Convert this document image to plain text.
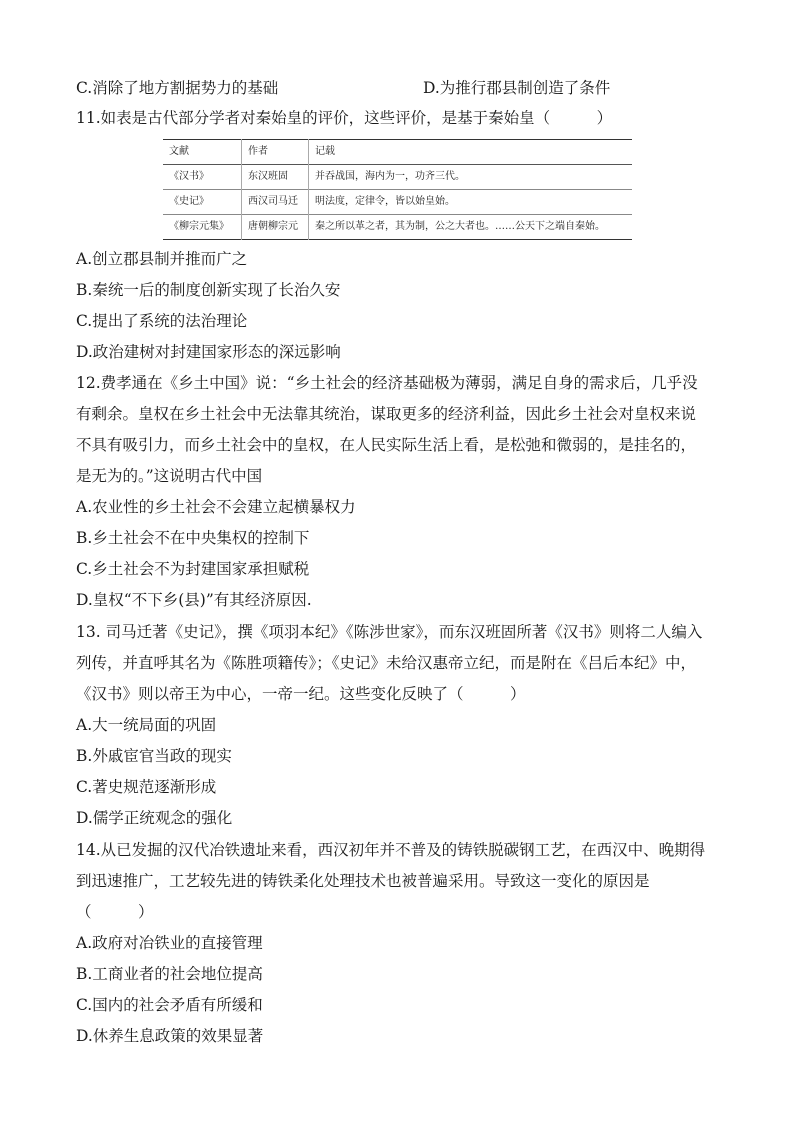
C.消除了地方割据势力的基础	D.为推行郡县制创造了条件
11.如表是古代部分学者对秦始皇的评价，这些评价，是基于秦始皇（　　　）
文献	作者	记载
《汉书》	东汉班固	并吞战国，海内为一，功齐三代。
《史记》	西汉司马迁	明法度，定律令，皆以始皇始。
《柳宗元集》	唐朝柳宗元	秦之所以革之者，其为制，公之大者也。……公天下之端自秦始。
A.创立郡县制并推而广之
B.秦统一后的制度创新实现了长治久安
C.提出了系统的法治理论
D.政治建树对封建国家形态的深远影响
12.费孝通在《乡土中国》说：“乡土社会的经济基础极为薄弱，满足自身的需求后，几乎没
有剩余。皇权在乡土社会中无法靠其统治，谋取更多的经济利益，因此乡土社会对皇权来说
不具有吸引力，而乡土社会中的皇权，在人民实际生活上看，是松弛和微弱的，是挂名的，
是无为的。”这说明古代中国
A.农业性的乡土社会不会建立起横暴权力
B.乡土社会不在中央集权的控制下
C.乡土社会不为封建国家承担赋税
D.皇权“不下乡(县)”有其经济原因.
13. 司马迁著《史记》，撰《项羽本纪》《陈涉世家》，而东汉班固所著《汉书》则将二人编入
列传，并直呼其名为《陈胜项籍传》；《史记》未给汉惠帝立纪，而是附在《吕后本纪》中，
《汉书》则以帝王为中心，一帝一纪。这些变化反映了（　　　）
A.大一统局面的巩固
B.外戚宦官当政的现实
C.著史规范逐渐形成
D.儒学正统观念的强化
14.从已发掘的汉代冶铁遗址来看，西汉初年并不普及的铸铁脱碳钢工艺，在西汉中、晚期得
到迅速推广，工艺较先进的铸铁柔化处理技术也被普遍采用。导致这一变化的原因是
（　　　）
A.政府对冶铁业的直接管理
B.工商业者的社会地位提高
C.国内的社会矛盾有所缓和
D.休养生息政策的效果显著
